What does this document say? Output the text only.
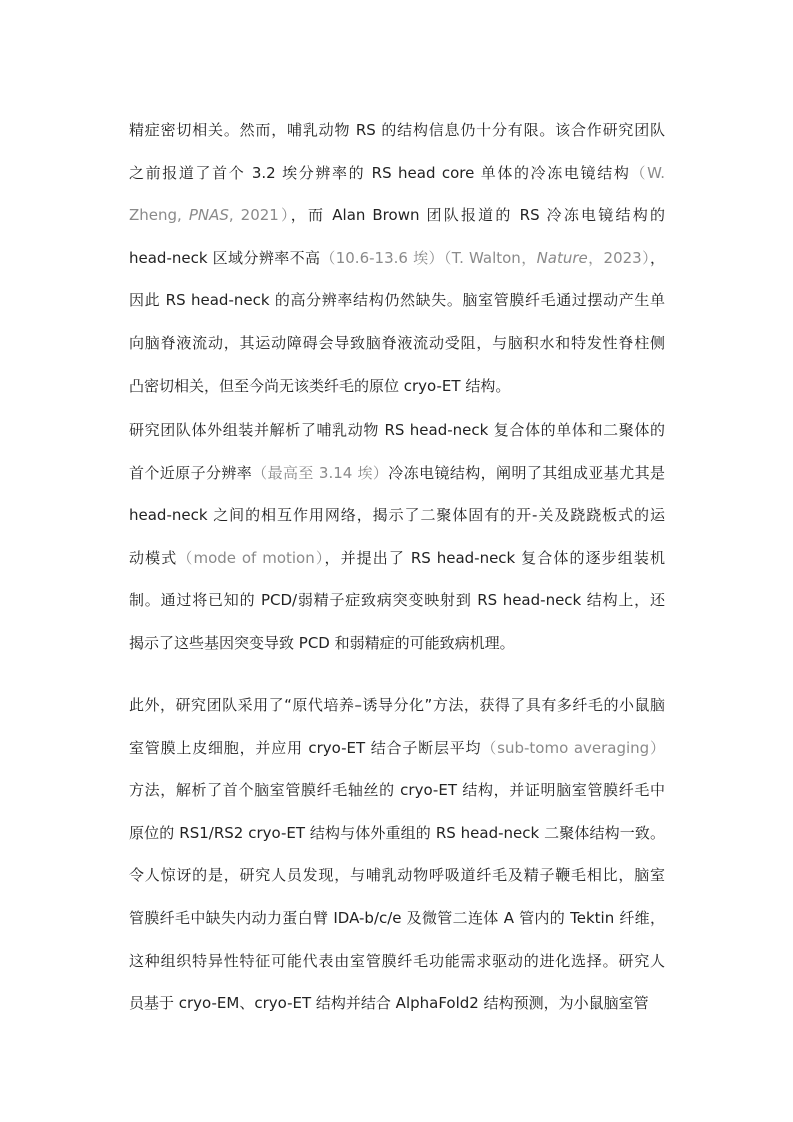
精症密切相关。然而，哺乳动物 RS 的结构信息仍十分有限。该合作研究团队
之前报道了首个 3.2 埃分辨率的 RS head core 单体的冷冻电镜结构（W.
Zheng, PNAS, 2021），而 Alan Brown 团队报道的 RS 冷冻电镜结构的
head-neck 区域分辨率不高（10.6-13.6 埃）（T. Walton，Nature，2023），
因此 RS head-neck 的高分辨率结构仍然缺失。脑室管膜纤毛通过摆动产生单
向脑脊液流动，其运动障碍会导致脑脊液流动受阻，与脑积水和特发性脊柱侧
凸密切相关，但至今尚无该类纤毛的原位 cryo-ET 结构。
研究团队体外组装并解析了哺乳动物 RS head-neck 复合体的单体和二聚体的
首个近原子分辨率（最高至 3.14 埃）冷冻电镜结构，阐明了其组成亚基尤其是
head-neck 之间的相互作用网络，揭示了二聚体固有的开-关及跷跷板式的运
动模式（mode of motion），并提出了 RS head-neck 复合体的逐步组装机
制。通过将已知的 PCD/弱精子症致病突变映射到 RS head-neck 结构上，还
揭示了这些基因突变导致 PCD 和弱精症的可能致病机理。
此外，研究团队采用了“原代培养–诱导分化”方法，获得了具有多纤毛的小鼠脑
室管膜上皮细胞，并应用 cryo-ET 结合子断层平均（sub-tomo averaging）
方法，解析了首个脑室管膜纤毛轴丝的 cryo-ET 结构，并证明脑室管膜纤毛中
原位的 RS1/RS2 cryo-ET 结构与体外重组的 RS head-neck 二聚体结构一致。
令人惊讶的是，研究人员发现，与哺乳动物呼吸道纤毛及精子鞭毛相比，脑室
管膜纤毛中缺失内动力蛋白臂 IDA-b/c/e 及微管二连体 A 管内的 Tektin 纤维，
这种组织特异性特征可能代表由室管膜纤毛功能需求驱动的进化选择。研究人
员基于 cryo-EM、cryo-ET 结构并结合 AlphaFold2 结构预测，为小鼠脑室管
